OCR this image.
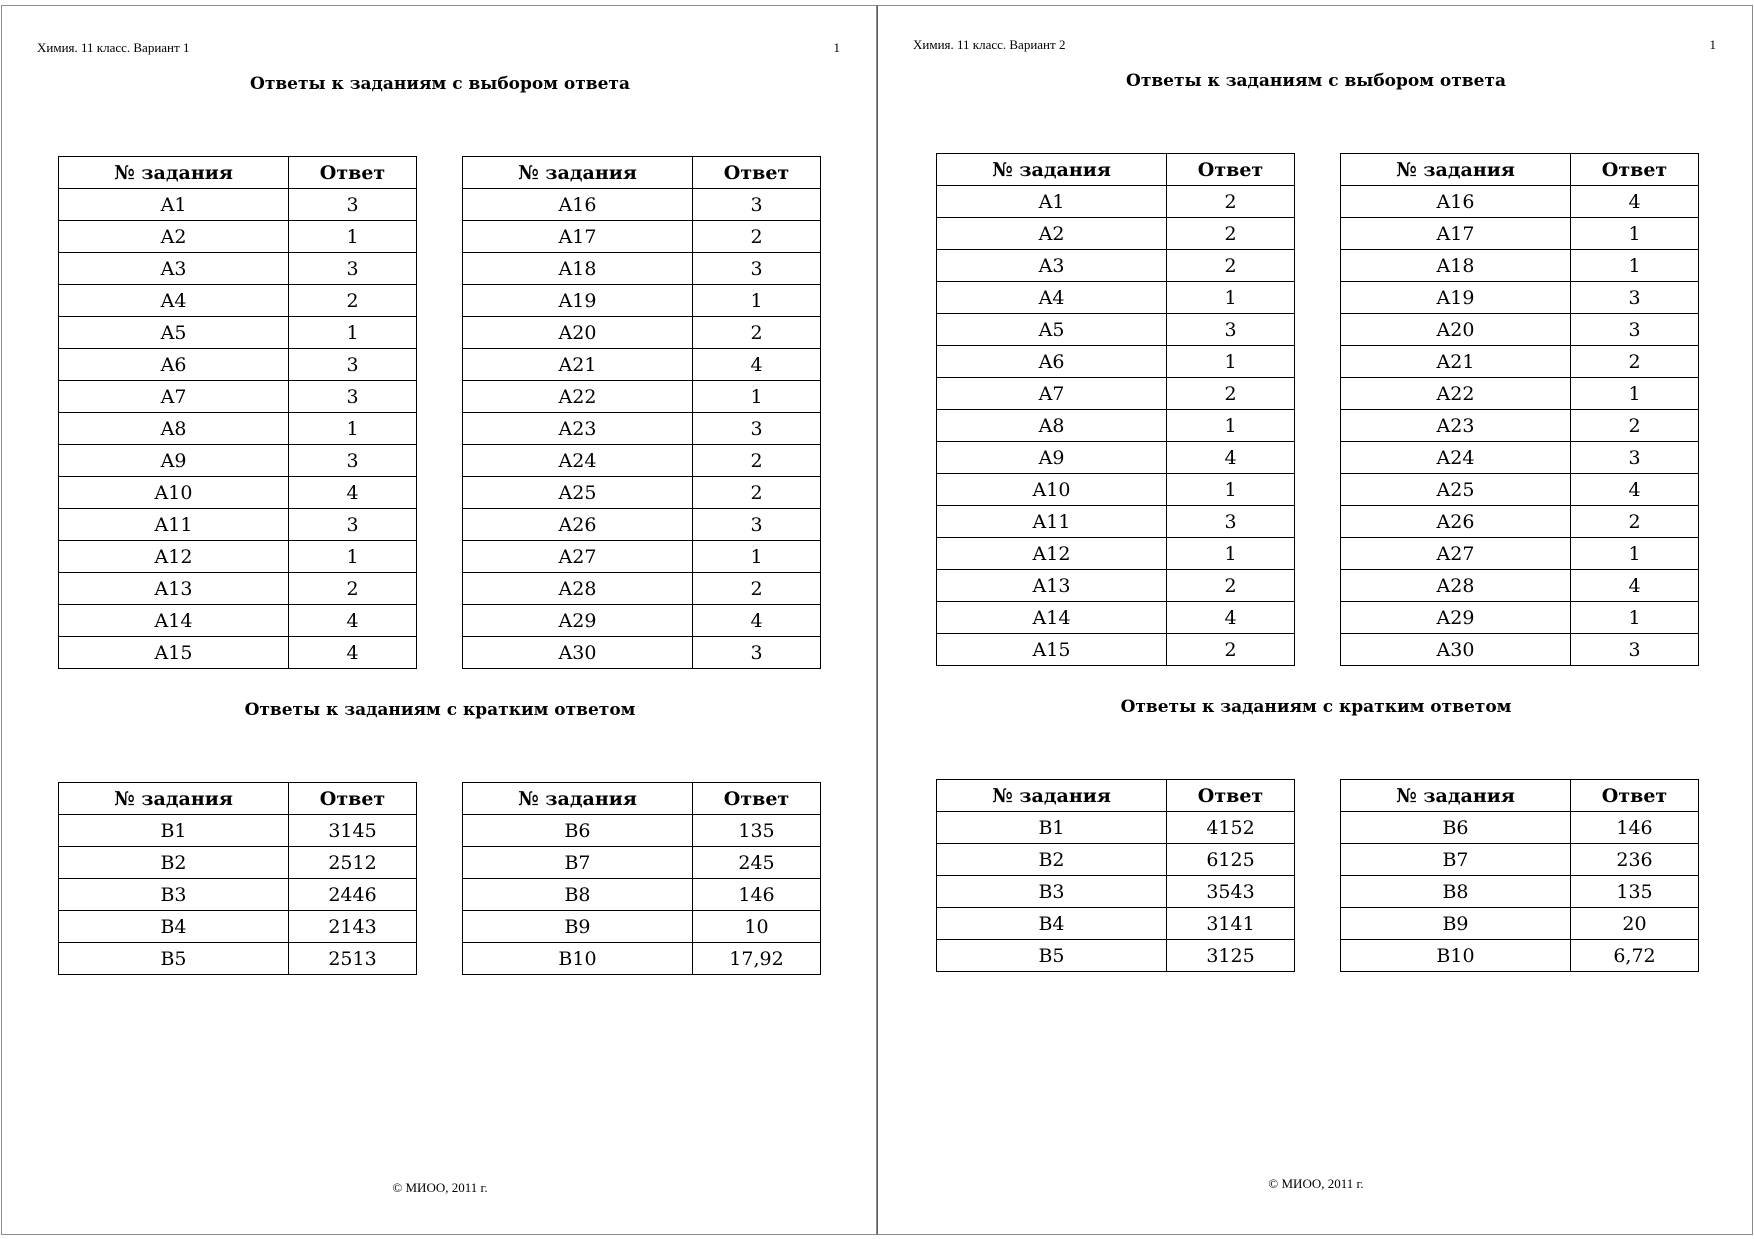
Химия. 11 класс. Вариант 1	1
Ответы к заданиям с выбором ответа
№ задания	Ответ
A1	3
A2	1
A3	3
A4	2
A5	1
A6	3
A7	3
A8	1
A9	3
A10	4
A11	3
A12	1
A13	2
A14	4
A15	4
№ задания	Ответ
A16	3
A17	2
A18	3
A19	1
A20	2
A21	4
A22	1
A23	3
A24	2
A25	2
A26	3
A27	1
A28	2
A29	4
A30	3
Ответы к заданиям с кратким ответом
№ задания	Ответ
B1	3145
B2	2512
B3	2446
B4	2143
B5	2513
№ задания	Ответ
B6	135
B7	245
B8	146
B9	10
B10	17,92
© МИОО, 2011 г.
Химия. 11 класс. Вариант 2	1
Ответы к заданиям с выбором ответа
№ задания	Ответ
A1	2
A2	2
A3	2
A4	1
A5	3
A6	1
A7	2
A8	1
A9	4
A10	1
A11	3
A12	1
A13	2
A14	4
A15	2
№ задания	Ответ
A16	4
A17	1
A18	1
A19	3
A20	3
A21	2
A22	1
A23	2
A24	3
A25	4
A26	2
A27	1
A28	4
A29	1
A30	3
Ответы к заданиям с кратким ответом
№ задания	Ответ
B1	4152
B2	6125
B3	3543
B4	3141
B5	3125
№ задания	Ответ
B6	146
B7	236
B8	135
B9	20
B10	6,72
© МИОО, 2011 г.
